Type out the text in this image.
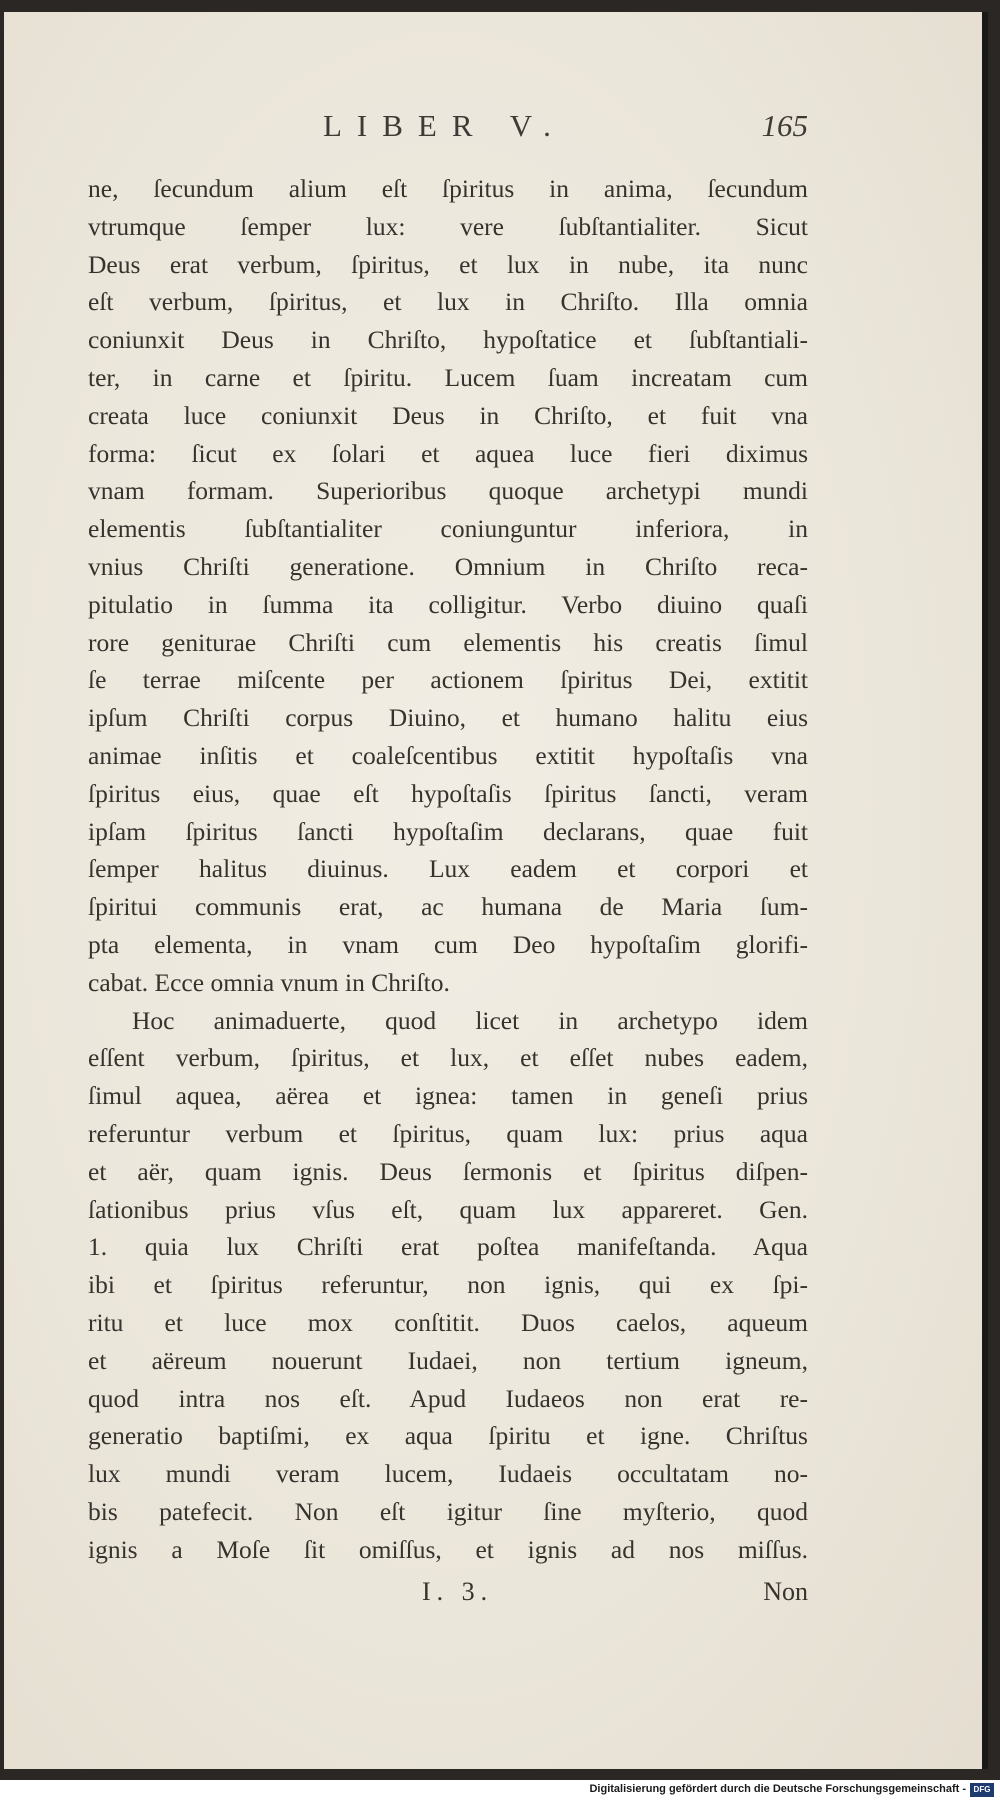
LIBER V.	165
ne, ſecundum alium eſt ſpiritus in anima, ſecundum
vtrumque ſemper lux: vere ſubſtantialiter. Sicut
Deus erat verbum, ſpiritus, et lux in nube, ita nunc
eſt verbum, ſpiritus, et lux in Chriſto. Illa omnia
coniunxit Deus in Chriſto, hypoſtatice et ſubſtantiali-
ter, in carne et ſpiritu. Lucem ſuam increatam cum
creata luce coniunxit Deus in Chriſto, et fuit vna
forma: ſicut ex ſolari et aquea luce fieri diximus
vnam formam. Superioribus quoque archetypi mundi
elementis ſubſtantialiter coniunguntur inferiora, in
vnius Chriſti generatione. Omnium in Chriſto reca-
pitulatio in ſumma ita colligitur. Verbo diuino quaſi
rore geniturae Chriſti cum elementis his creatis ſimul
ſe terrae miſcente per actionem ſpiritus Dei, extitit
ipſum Chriſti corpus Diuino, et humano halitu eius
animae inſitis et coaleſcentibus extitit hypoſtaſis vna
ſpiritus eius, quae eſt hypoſtaſis ſpiritus ſancti, veram
ipſam ſpiritus ſancti hypoſtaſim declarans, quae fuit
ſemper halitus diuinus. Lux eadem et corpori et
ſpiritui communis erat, ac humana de Maria ſum-
pta elementa, in vnam cum Deo hypoſtaſim glorifi-
cabat. Ecce omnia vnum in Chriſto.
Hoc animaduerte, quod licet in archetypo idem
eſſent verbum, ſpiritus, et lux, et eſſet nubes eadem,
ſimul aquea, aërea et ignea: tamen in geneſi prius
referuntur verbum et ſpiritus, quam lux: prius aqua
et aër, quam ignis. Deus ſermonis et ſpiritus diſpen-
ſationibus prius vſus eſt, quam lux appareret. Gen.
1. quia lux Chriſti erat poſtea manifeſtanda. Aqua
ibi et ſpiritus referuntur, non ignis, qui ex ſpi-
ritu et luce mox conſtitit. Duos caelos, aqueum
et aëreum nouerunt Iudaei, non tertium igneum,
quod intra nos eſt. Apud Iudaeos non erat re-
generatio baptiſmi, ex aqua ſpiritu et igne. Chriſtus
lux mundi veram lucem, Iudaeis occultatam no-
bis patefecit. Non eſt igitur ſine myſterio, quod
ignis a Moſe ſit omiſſus, et ignis ad nos miſſus.
I. 3.	Non
Digitalisierung gefördert durch die Deutsche Forschungsgemeinschaft - DFG
